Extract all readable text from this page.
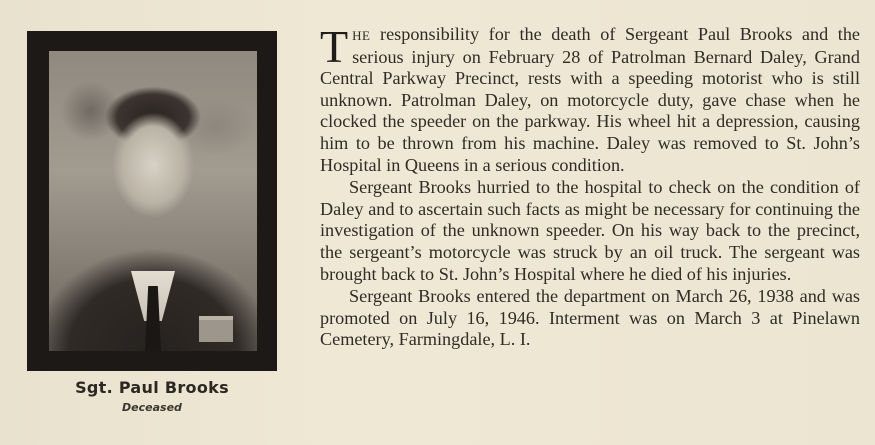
Sgt. Paul Brooks
Deceased

THE responsibility for the death of Sergeant Paul Brooks and the serious injury on February 28 of Patrolman Bernard Daley, Grand Central Parkway Precinct, rests with a speeding motorist who is still unknown. Patrolman Daley, on motorcycle duty, gave chase when he clocked the speeder on the parkway. His wheel hit a depression, causing him to be thrown from his machine. Daley was removed to St. John’s Hospital in Queens in a serious condition.

Sergeant Brooks hurried to the hospital to check on the condition of Daley and to ascertain such facts as might be necessary for continuing the investigation of the unknown speeder. On his way back to the precinct, the sergeant’s motorcycle was struck by an oil truck. The sergeant was brought back to St. John’s Hospital where he died of his injuries.

Sergeant Brooks entered the department on March 26, 1938 and was promoted on July 16, 1946. Interment was on March 3 at Pinelawn Cemetery, Farmingdale, L. I.
